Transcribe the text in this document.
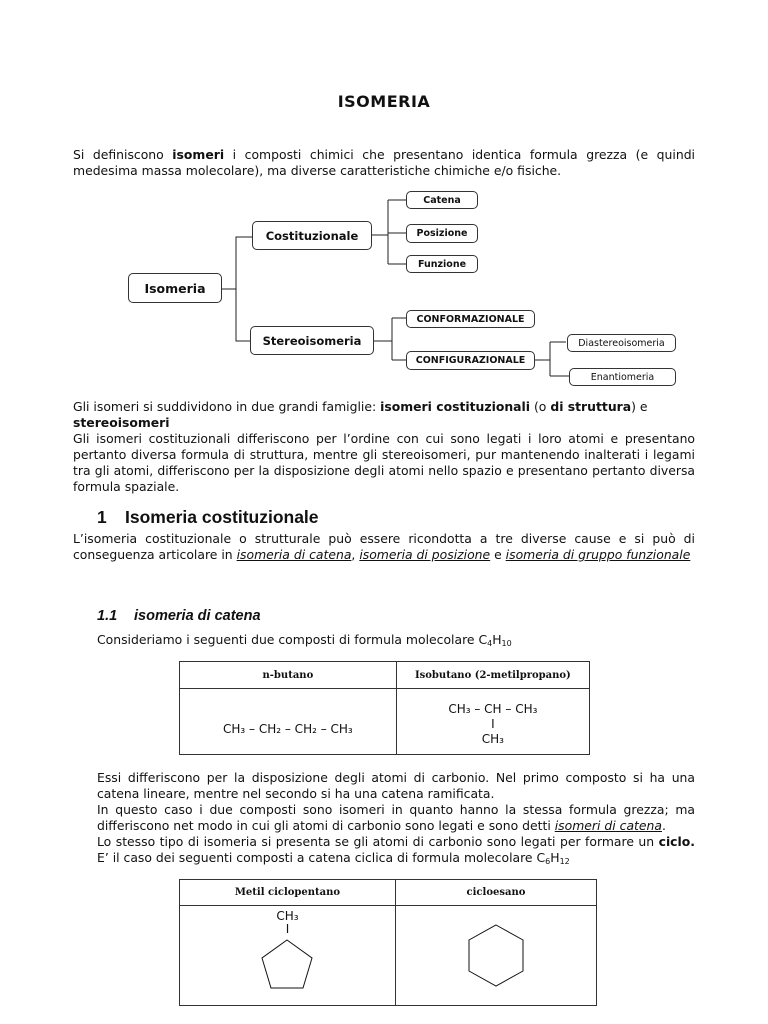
ISOMERIA
Si definiscono isomeri i composti chimici che presentano identica formula grezza (e quindi medesima massa molecolare), ma diverse caratteristiche chimiche e/o fisiche.
Isomeria
Costituzionale
Catena
Posizione
Funzione
Stereoisomeria
CONFORMAZIONALE
CONFIGURAZIONALE
Diastereoisomeria
Enantiomeria
Gli isomeri si suddividono in due grandi famiglie: isomeri costituzionali (o di struttura) e
stereoisomeri
Gli isomeri costituzionali differiscono per l’ordine con cui sono legati i loro atomi e presentano pertanto diversa formula di struttura, mentre gli stereoisomeri, pur mantenendo inalterati i legami tra gli atomi, differiscono per la disposizione degli atomi nello spazio e presentano pertanto diversa formula spaziale.
1 Isomeria costituzionale
L’isomeria costituzionale o strutturale può essere ricondotta a tre diverse cause e si può di conseguenza articolare in isomeria di catena, isomeria di posizione e isomeria di gruppo funzionale
1.1 isomeria di catena
Consideriamo i seguenti due composti di formula molecolare $C_4H_{10}$
n-butano	Isobutano (2-metilpropano)

CH₃ – CH₂ – CH₂ – CH₃	CH₃ – CH – CH₃
I
CH₃
Essi differiscono per la disposizione degli atomi di carbonio. Nel primo composto si ha una catena lineare, mentre nel secondo si ha una catena ramificata.
In questo caso i due composti sono isomeri in quanto hanno la stessa formula grezza; ma differiscono net modo in cui gli atomi di carbonio sono legati e sono detti isomeri di catena.
Lo stesso tipo di isomeria si presenta se gli atomi di carbonio sono legati per formare un ciclo. E’ il caso dei seguenti composti a catena ciclica di formula molecolare $C_6H_{12}$
Metil ciclopentano	cicloesano

CH₃
I
